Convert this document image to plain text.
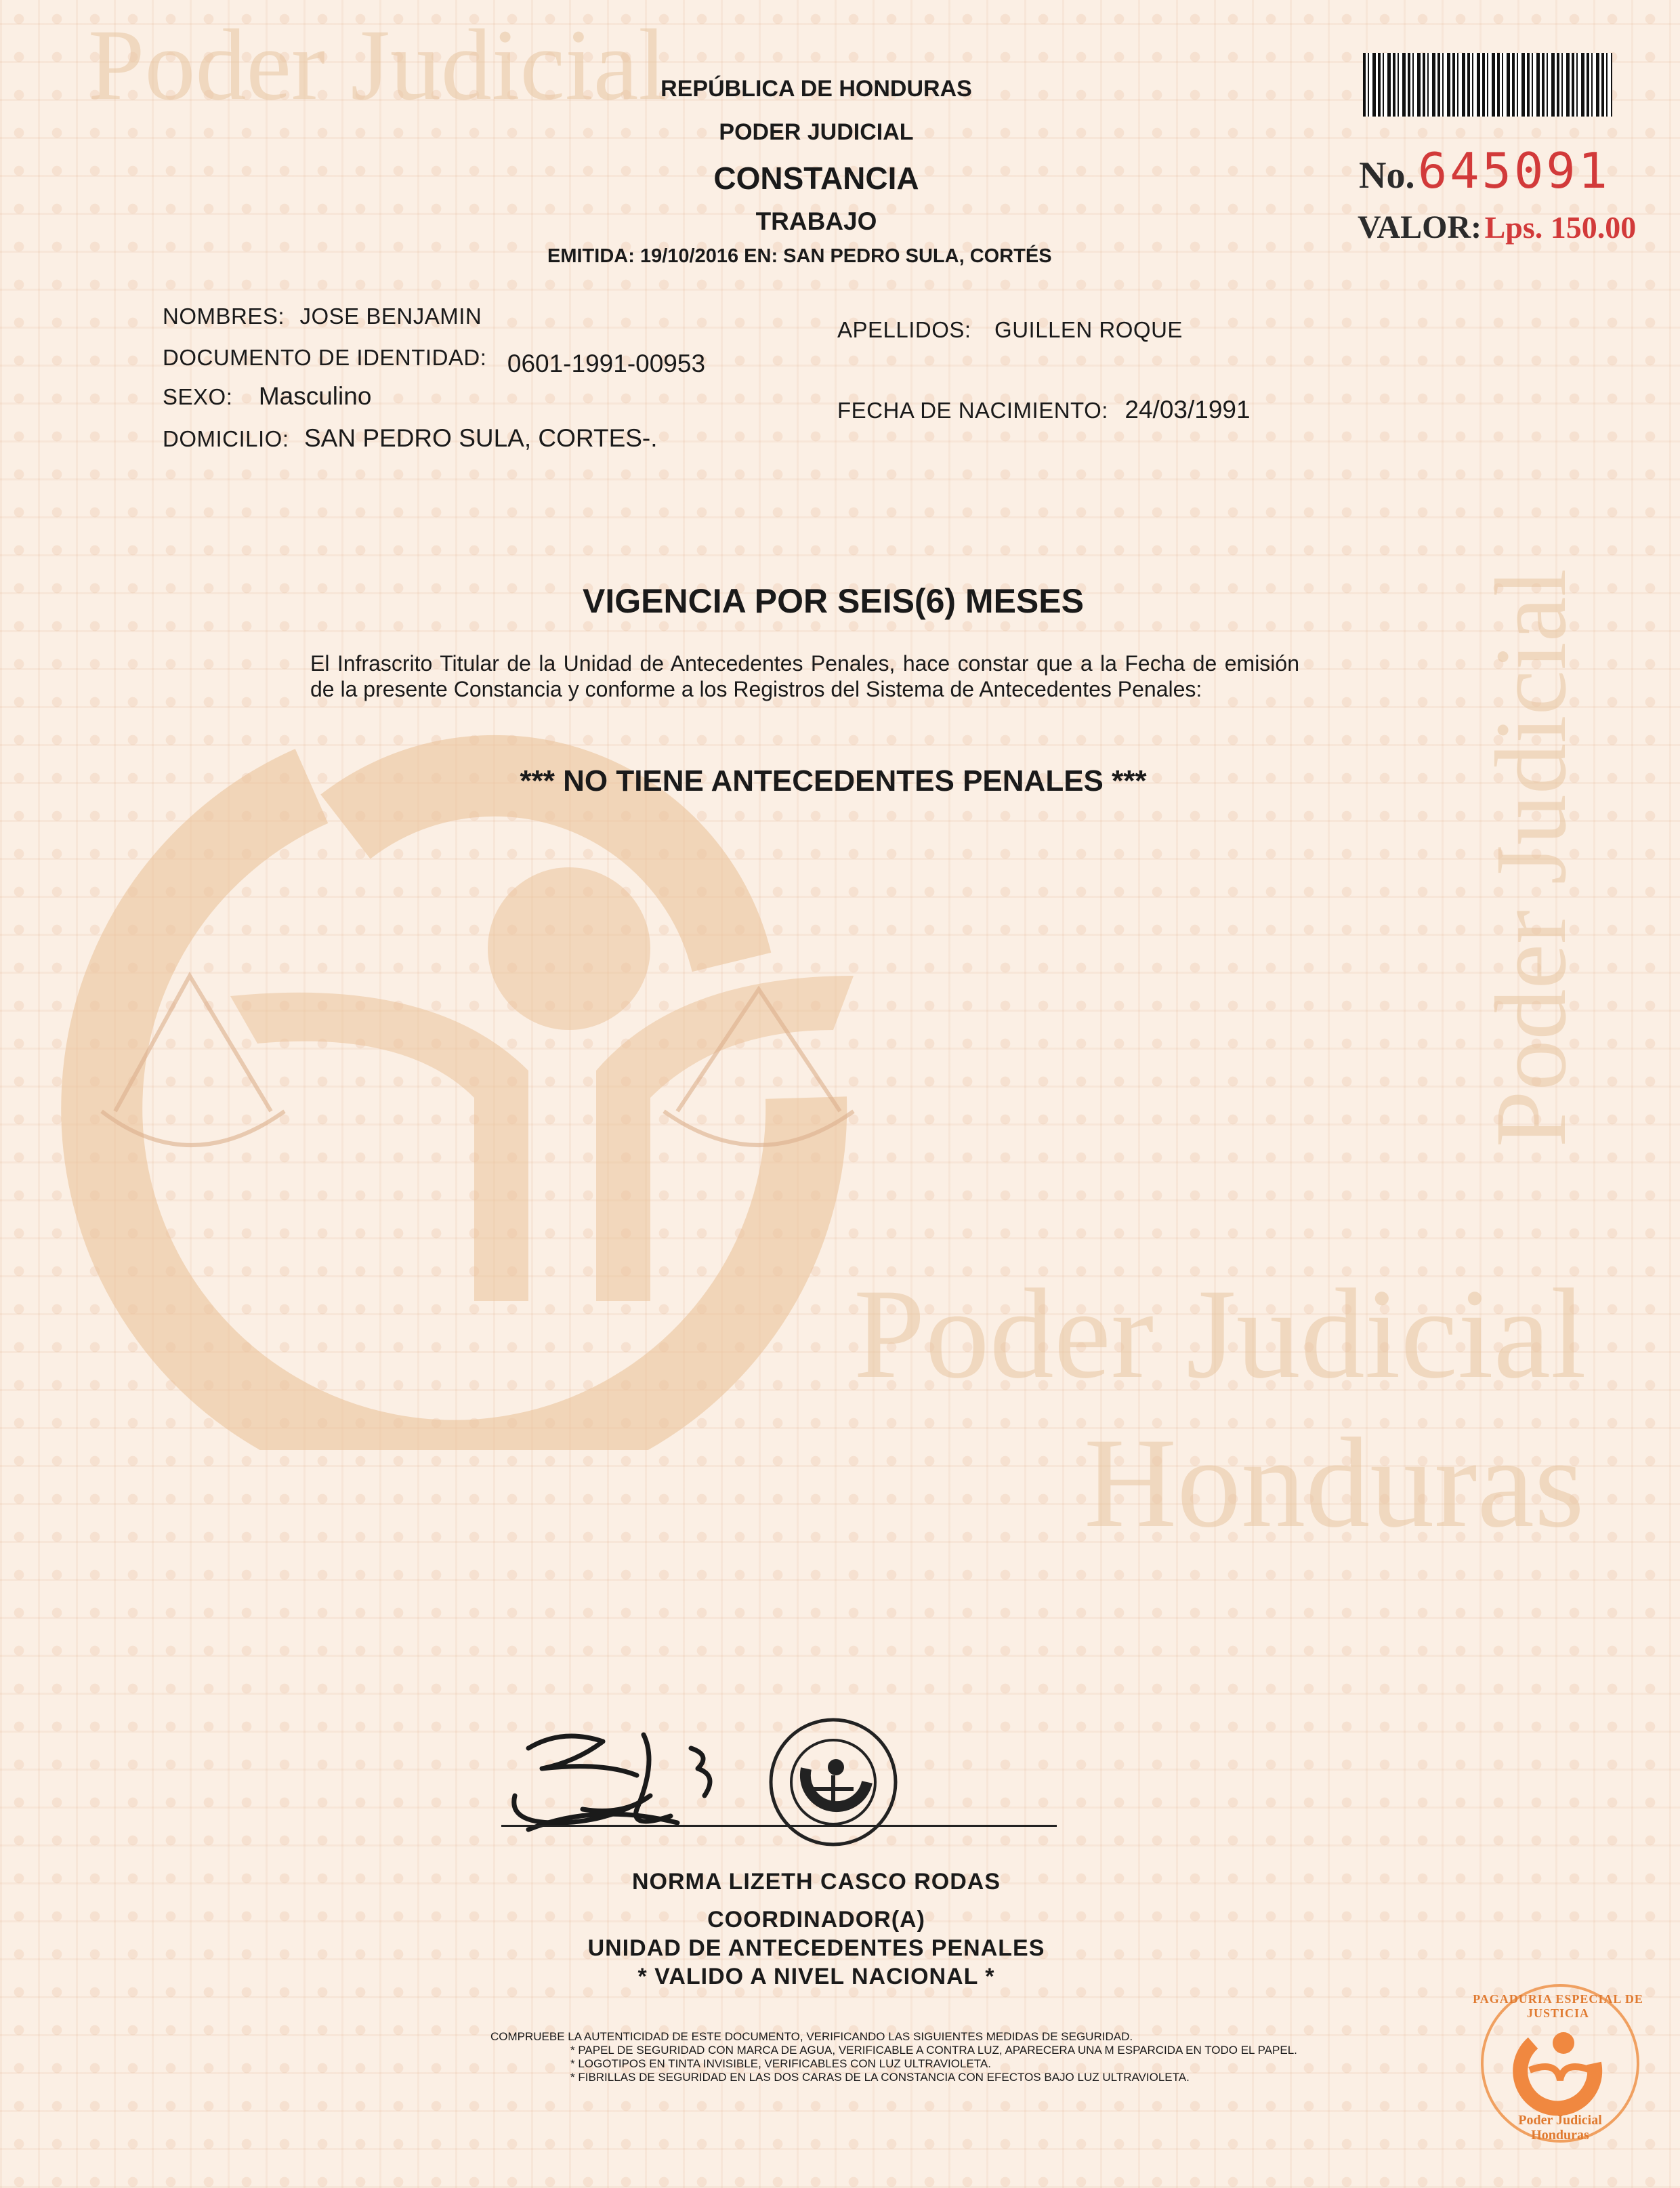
Poder Judicial
Poder Judicial
Poder Judicial
Honduras
REPÚBLICA DE HONDURAS
PODER JUDICIAL
CONSTANCIA
TRABAJO
EMITIDA: 19/10/2016 EN: SAN PEDRO SULA, CORTÉS
No. 645091
VALOR: Lps. 150.00
NOMBRES: JOSE BENJAMIN
APELLIDOS: GUILLEN ROQUE
DOCUMENTO DE IDENTIDAD: 0601-1991-00953
SEXO: Masculino
FECHA DE NACIMIENTO: 24/03/1991
DOMICILIO: SAN PEDRO SULA, CORTES-.
VIGENCIA POR SEIS(6) MESES
El Infrascrito Titular de la Unidad de Antecedentes Penales, hace constar que a la Fecha de emisión de la presente Constancia y conforme a los Registros del Sistema de Antecedentes Penales:
*** NO TIENE ANTECEDENTES PENALES ***
NORMA LIZETH CASCO RODAS
COORDINADOR(A)
UNIDAD DE ANTECEDENTES PENALES
* VALIDO A NIVEL NACIONAL *
COMPRUEBE LA AUTENTICIDAD DE ESTE DOCUMENTO, VERIFICANDO LAS SIGUIENTES MEDIDAS DE SEGURIDAD.
* PAPEL DE SEGURIDAD CON MARCA DE AGUA, VERIFICABLE A CONTRA LUZ, APARECERA UNA M ESPARCIDA EN TODO EL PAPEL.
* LOGOTIPOS EN TINTA INVISIBLE, VERIFICABLES CON LUZ ULTRAVIOLETA.
* FIBRILLAS DE SEGURIDAD EN LAS DOS CARAS DE LA CONSTANCIA CON EFECTOS BAJO LUZ ULTRAVIOLETA.
PAGADURIA ESPECIAL DE JUSTICIA
Poder Judicial
Honduras
